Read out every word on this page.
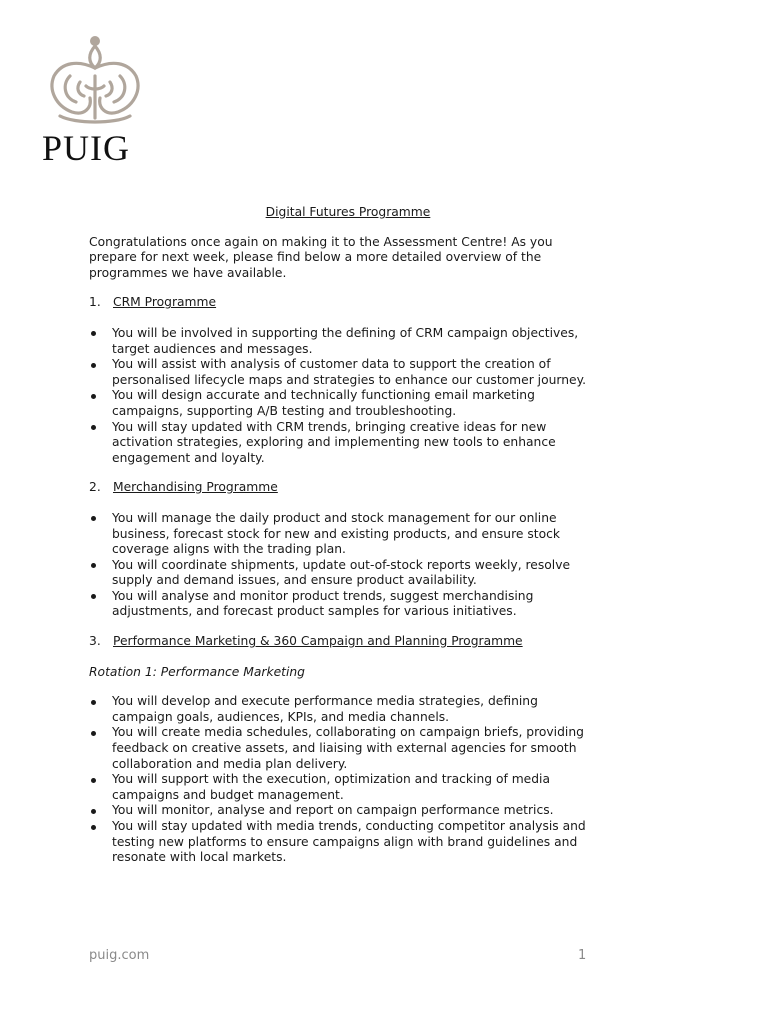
PUIG
Digital Futures Programme

Congratulations once again on making it to the Assessment Centre! As you prepare for next week, please find below a more detailed overview of the programmes we have available.

1. CRM Programme
You will be involved in supporting the defining of CRM campaign objectives, target audiences and messages.
You will assist with analysis of customer data to support the creation of personalised lifecycle maps and strategies to enhance our customer journey.
You will design accurate and technically functioning email marketing campaigns, supporting A/B testing and troubleshooting.
You will stay updated with CRM trends, bringing creative ideas for new activation strategies, exploring and implementing new tools to enhance engagement and loyalty.
2. Merchandising Programme
You will manage the daily product and stock management for our online business, forecast stock for new and existing products, and ensure stock coverage aligns with the trading plan.
You will coordinate shipments, update out-of-stock reports weekly, resolve supply and demand issues, and ensure product availability.
You will analyse and monitor product trends, suggest merchandising adjustments, and forecast product samples for various initiatives.
3. Performance Marketing & 360 Campaign and Planning Programme
Rotation 1: Performance Marketing
You will develop and execute performance media strategies, defining campaign goals, audiences, KPIs, and media channels.
You will create media schedules, collaborating on campaign briefs, providing feedback on creative assets, and liaising with external agencies for smooth collaboration and media plan delivery.
You will support with the execution, optimization and tracking of media campaigns and budget management.
You will monitor, analyse and report on campaign performance metrics.
You will stay updated with media trends, conducting competitor analysis and testing new platforms to ensure campaigns align with brand guidelines and resonate with local markets.
puig.com	1
